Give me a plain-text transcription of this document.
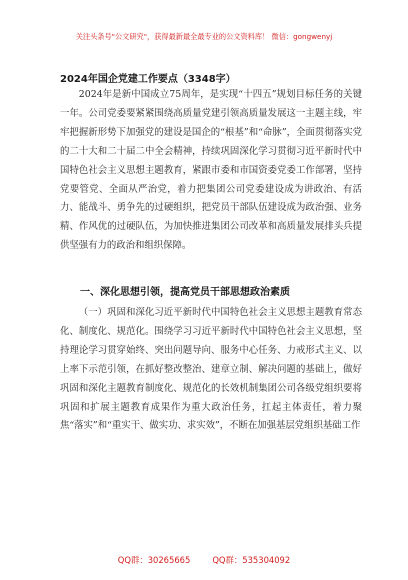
关注头条号"公文研究"，获得最新最全最专业的公文资料库！ 微信：gongwenyj
2024年国企党建工作要点（3348字）
2024年是新中国成立75周年，是实现“十四五”规划目标任务的关键一年。公司党委要紧紧围绕高质量党建引领高质量发展这一主题主线，牢牢把握新形势下加强党的建设是国企的“根基”和“命脉”，全面贯彻落实党的二十大和二十届二中全会精神，持续巩固深化学习贯彻习近平新时代中国特色社会主义思想主题教育，紧跟市委和市国资委党委工作部署，坚持党要管党、全面从严治党，着力把集团公司党委建设成为讲政治、有活力、能战斗、勇争先的过硬组织，把党员干部队伍建设成为政治强、业务精、作风优的过硬队伍，为加快推进集团公司改革和高质量发展排头兵提供坚强有力的政治和组织保障。
一、深化思想引领，提高党员干部思想政治素质
（一）巩固和深化习近平新时代中国特色社会主义思想主题教育常态化、制度化、规范化。围绕学习习近平新时代中国特色社会主义思想，坚持理论学习贯穿始终、突出问题导向、服务中心任务、力戒形式主义、以上率下示范引领，在抓好整改整治、建章立制、解决问题的基础上，做好巩固和深化主题教育制度化、规范化的长效机制集团公司各级党组织要将巩固和扩展主题教育成果作为重大政治任务，扛起主体责任，着力聚焦“落实”和“重实干、做实功、求实效”，不断在加强基层党组织基础工作
QQ群：30265665	QQ群：535304092
